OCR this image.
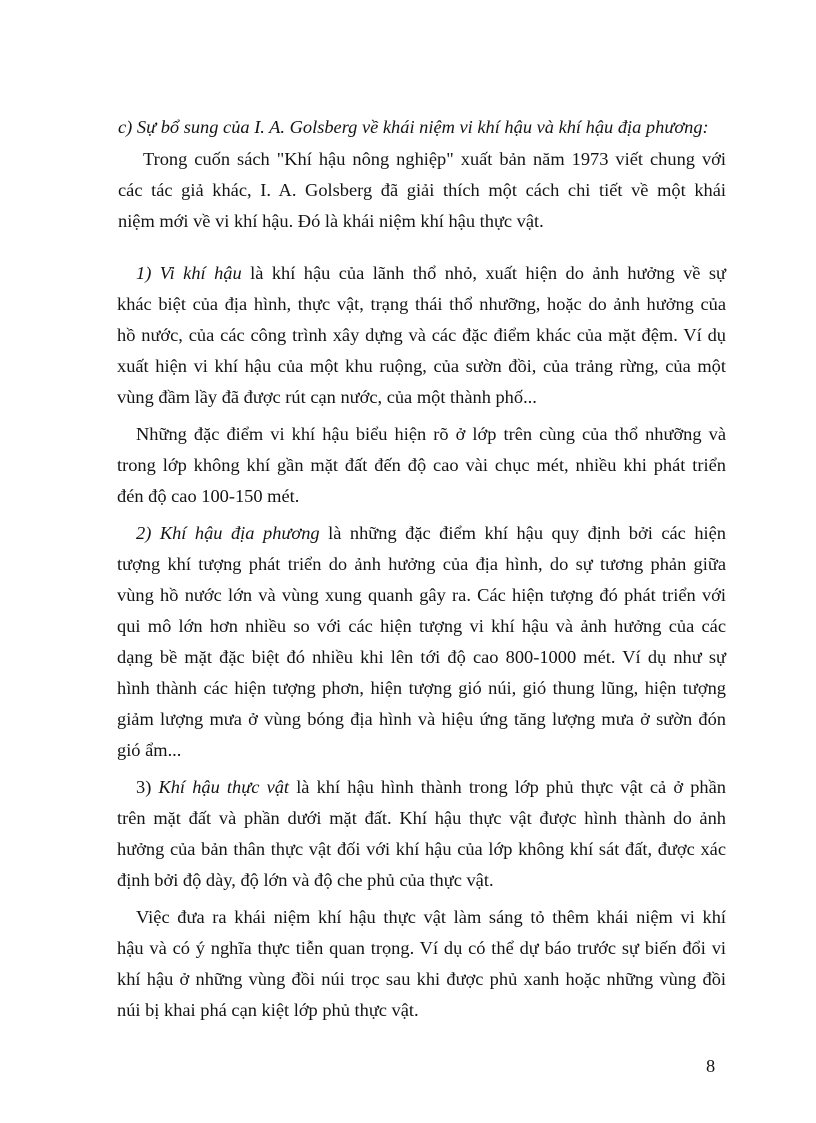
c) Sự bổ sung của I. A. Golsberg về khái niệm vi khí hậu và khí hậu địa phương:
Trong cuốn sách "Khí hậu nông nghiệp" xuất bản năm 1973 viết chung với
các tác giả khác, I. A. Golsberg đã giải thích một cách chi tiết về một khái
niệm mới về vi khí hậu. Đó là khái niệm khí hậu thực vật.
1) Vi khí hậu là khí hậu của lãnh thổ nhỏ, xuất hiện do ảnh hưởng về sự
khác biệt của địa hình, thực vật, trạng thái thổ nhưỡng, hoặc do ảnh hưởng của
hồ nước, của các công trình xây dựng và các đặc điểm khác của mặt đệm. Ví dụ
xuất hiện vi khí hậu của một khu ruộng, của sườn đồi, của trảng rừng, của một
vùng đầm lầy đã được rút cạn nước, của một thành phố...
Những đặc điểm vi khí hậu biểu hiện rõ ở lớp trên cùng của thổ nhưỡng và
trong lớp không khí gần mặt đất đến độ cao vài chục mét, nhiều khi phát triển
đén độ cao 100-150 mét.
2) Khí hậu địa phương là những đặc điểm khí hậu quy định bởi các hiện
tượng khí tượng phát triển do ảnh hưởng của địa hình, do sự tương phản giữa
vùng hồ nước lớn và vùng xung quanh gây ra. Các hiện tượng đó phát triển với
qui mô lớn hơn nhiều so với các hiện tượng vi khí hậu và ảnh hưởng của các
dạng bề mặt đặc biệt đó nhiều khi lên tới độ cao 800-1000 mét. Ví dụ như sự
hình thành các hiện tượng phơn, hiện tượng gió núi, gió thung lũng, hiện tượng
giảm lượng mưa ở vùng bóng địa hình và hiệu ứng tăng lượng mưa ở sườn đón
gió ẩm...
3) Khí hậu thực vật là khí hậu hình thành trong lớp phủ thực vật cả ở phần
trên mặt đất và phần dưới mặt đất. Khí hậu thực vật được hình thành do ảnh
hưởng của bản thân thực vật đối với khí hậu của lớp không khí sát đất, được xác
định bởi độ dày, độ lớn và độ che phủ của thực vật.
Việc đưa ra khái niệm khí hậu thực vật làm sáng tỏ thêm khái niệm vi khí
hậu và có ý nghĩa thực tiễn quan trọng. Ví dụ có thể dự báo trước sự biến đổi vi
khí hậu ở những vùng đồi núi trọc sau khi được phủ xanh hoặc những vùng đồi
núi bị khai phá cạn kiệt lớp phủ thực vật.
8
